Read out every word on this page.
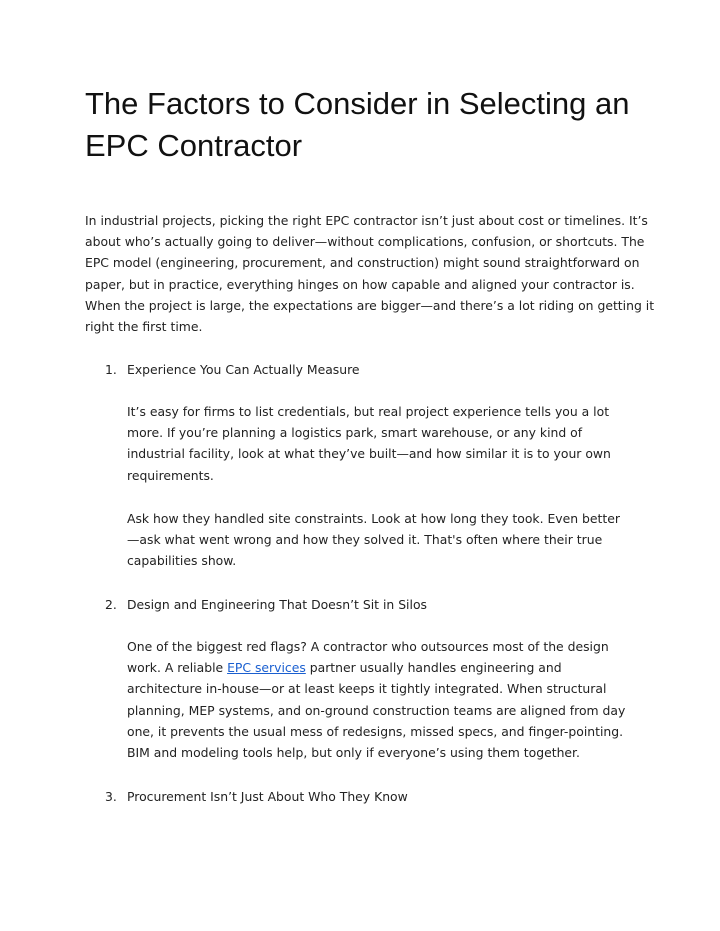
The Factors to Consider in Selecting an EPC Contractor

In industrial projects, picking the right EPC contractor isn’t just about cost or timelines. It’s about who’s actually going to deliver—without complications, confusion, or shortcuts. The EPC model (engineering, procurement, and construction) might sound straightforward on paper, but in practice, everything hinges on how capable and aligned your contractor is. When the project is large, the expectations are bigger—and there’s a lot riding on getting it right the first time.

1. Experience You Can Actually Measure

It’s easy for firms to list credentials, but real project experience tells you a lot more. If you’re planning a logistics park, smart warehouse, or any kind of industrial facility, look at what they’ve built—and how similar it is to your own requirements.

Ask how they handled site constraints. Look at how long they took. Even better—ask what went wrong and how they solved it. That's often where their true capabilities show.

2. Design and Engineering That Doesn’t Sit in Silos

One of the biggest red flags? A contractor who outsources most of the design work. A reliable EPC services partner usually handles engineering and architecture in-house—or at least keeps it tightly integrated. When structural planning, MEP systems, and on-ground construction teams are aligned from day one, it prevents the usual mess of redesigns, missed specs, and finger-pointing. BIM and modeling tools help, but only if everyone’s using them together.

3. Procurement Isn’t Just About Who They Know
